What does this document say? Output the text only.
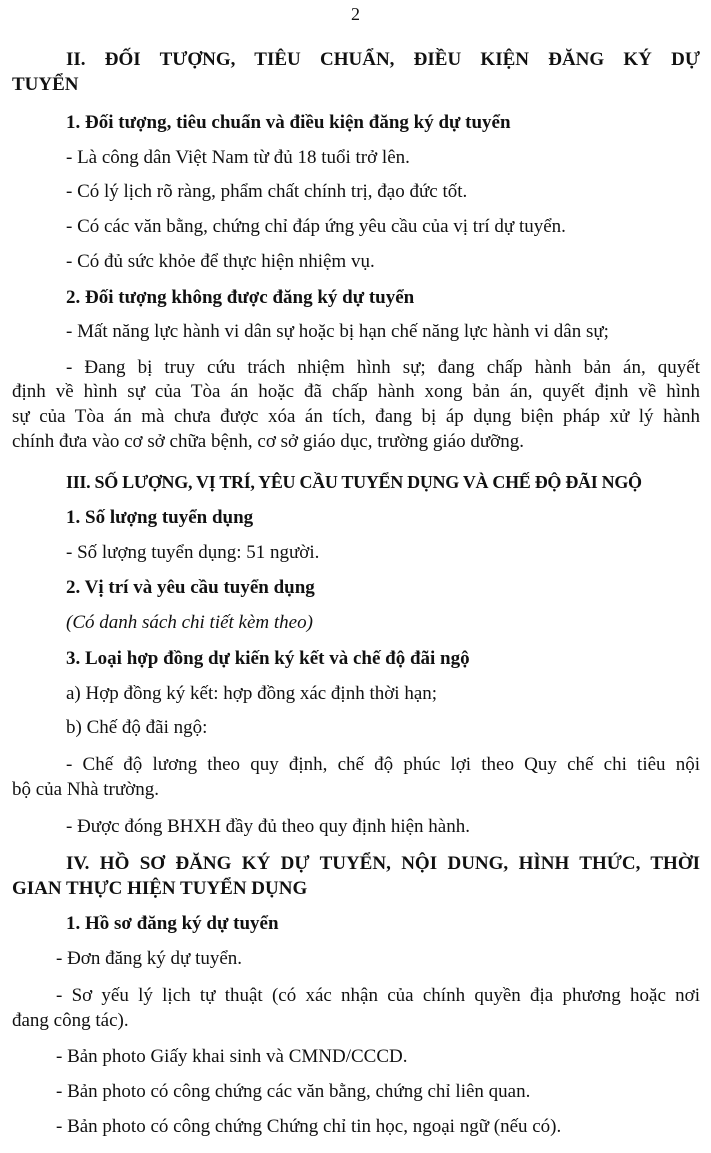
2
II. ĐỐI TƯỢNG, TIÊU CHUẨN, ĐIỀU KIỆN ĐĂNG KÝ DỰ
TUYỂN
1. Đối tượng, tiêu chuẩn và điều kiện đăng ký dự tuyển
- Là công dân Việt Nam từ đủ 18 tuổi trở lên.
- Có lý lịch rõ ràng, phẩm chất chính trị, đạo đức tốt.
- Có các văn bằng, chứng chỉ đáp ứng yêu cầu của vị trí dự tuyển.
- Có đủ sức khỏe để thực hiện nhiệm vụ.
2. Đối tượng không được đăng ký dự tuyển
- Mất năng lực hành vi dân sự hoặc bị hạn chế năng lực hành vi dân sự;
- Đang bị truy cứu trách nhiệm hình sự; đang chấp hành bản án, quyết
định về hình sự của Tòa án hoặc đã chấp hành xong bản án, quyết định về hình
sự của Tòa án mà chưa được xóa án tích, đang bị áp dụng biện pháp xử lý hành
chính đưa vào cơ sở chữa bệnh, cơ sở giáo dục, trường giáo dưỡng.
III. SỐ LƯỢNG, VỊ TRÍ, YÊU CẦU TUYỂN DỤNG VÀ CHẾ ĐỘ ĐÃI NGỘ
1. Số lượng tuyển dụng
- Số lượng tuyển dụng: 51 người.
2. Vị trí và yêu cầu tuyển dụng
(Có danh sách chi tiết kèm theo)
3. Loại hợp đồng dự kiến ký kết và chế độ đãi ngộ
a) Hợp đồng ký kết: hợp đồng xác định thời hạn;
b) Chế độ đãi ngộ:
- Chế độ lương theo quy định, chế độ phúc lợi theo Quy chế chi tiêu nội
bộ của Nhà trường.
- Được đóng BHXH đầy đủ theo quy định hiện hành.
IV. HỒ SƠ ĐĂNG KÝ DỰ TUYỂN, NỘI DUNG, HÌNH THỨC, THỜI
GIAN THỰC HIỆN TUYỂN DỤNG
1. Hồ sơ đăng ký dự tuyển
- Đơn đăng ký dự tuyển.
- Sơ yếu lý lịch tự thuật (có xác nhận của chính quyền địa phương hoặc nơi
đang công tác).
- Bản photo Giấy khai sinh và CMND/CCCD.
- Bản photo có công chứng các văn bằng, chứng chỉ liên quan.
- Bản photo có công chứng Chứng chỉ tin học, ngoại ngữ (nếu có).
